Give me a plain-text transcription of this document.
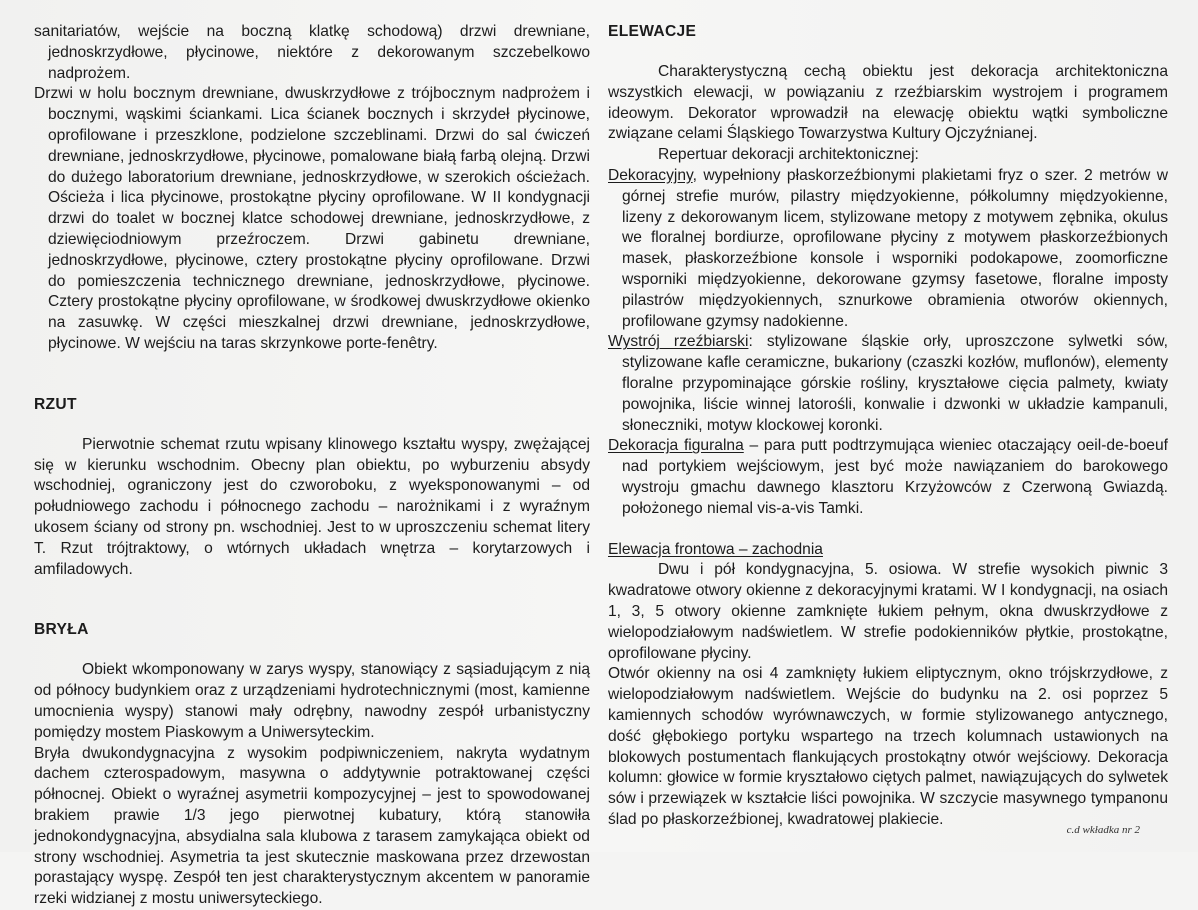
sanitariatów, wejście na boczną klatkę schodową) drzwi drewniane, jednoskrzydłowe, płycinowe, niektóre z dekorowanym szczebelkowo nadprożem.

Drzwi w holu bocznym drewniane, dwuskrzydłowe z trójbocznym nadprożem i bocznymi, wąskimi ściankami. Lica ścianek bocznych i skrzydeł płycinowe, oprofilowane i przeszklone, podzielone szczeblinami. Drzwi do sal ćwiczeń drewniane, jednoskrzydłowe, płycinowe, pomalowane białą farbą olejną. Drzwi do dużego laboratorium drewniane, jednoskrzydłowe, w szerokich ościeżach. Ościeża i lica płycinowe, prostokątne płyciny oprofilowane. W II kondygnacji drzwi do toalet w bocznej klatce schodowej drewniane, jednoskrzydłowe, z dziewięciodniowym przeźroczem. Drzwi gabinetu drewniane, jednoskrzydłowe, płycinowe, cztery prostokątne płyciny oprofilowane. Drzwi do pomieszczenia technicznego drewniane, jednoskrzydłowe, płycinowe. Cztery prostokątne płyciny oprofilowane, w środkowej dwuskrzydłowe okienko na zasuwkę. W części mieszkalnej drzwi drewniane, jednoskrzydłowe, płycinowe. W wejściu na taras skrzynkowe porte-fenêtry.

RZUT

Pierwotnie schemat rzutu wpisany klinowego kształtu wyspy, zwężającej się w kierunku wschodnim. Obecny plan obiektu, po wyburzeniu absydy wschodniej, ograniczony jest do czworoboku, z wyeksponowanymi – od południowego zachodu i północnego zachodu – narożnikami i z wyraźnym ukosem ściany od strony pn. wschodniej. Jest to w uproszczeniu schemat litery T. Rzut trójtraktowy, o wtórnych układach wnętrza – korytarzowych i amfiladowych.

BRYŁA

Obiekt wkomponowany w zarys wyspy, stanowiący z sąsiadującym z nią od północy budynkiem oraz z urządzeniami hydrotechnicznymi (most, kamienne umocnienia wyspy) stanowi mały odrębny, nawodny zespół urbanistyczny pomiędzy mostem Piaskowym a Uniwersyteckim.

Bryła dwukondygnacyjna z wysokim podpiwniczeniem, nakryta wydatnym dachem czterospadowym, masywna o addytywnie potraktowanej części północnej. Obiekt o wyraźnej asymetrii kompozycyjnej – jest to spowodowanej brakiem prawie 1/3 jego pierwotnej kubatury, którą stanowiła jednokondygnacyjna, absydialna sala klubowa z tarasem zamykająca obiekt od strony wschodniej. Asymetria ta jest skutecznie maskowana przez drzewostan porastający wyspę. Zespół ten jest charakterystycznym akcentem w panoramie rzeki widzianej z mostu uniwersyteckiego.

ELEWACJE

Charakterystyczną cechą obiektu jest dekoracja architektoniczna wszystkich elewacji, w powiązaniu z rzeźbiarskim wystrojem i programem ideowym. Dekorator wprowadził na elewację obiektu wątki symboliczne związane celami Śląskiego Towarzystwa Kultury Ojczyźnianej.

Repertuar dekoracji architektonicznej:

Dekoracyjny, wypełniony płaskorzeźbionymi plakietami fryz o szer. 2 metrów w górnej strefie murów, pilastry międzyokienne, półkolumny międzyokienne, lizeny z dekorowanym licem, stylizowane metopy z motywem zębnika, okulus we floralnej bordiurze, oprofilowane płyciny z motywem płaskorzeźbionych masek, płaskorzeźbione konsole i wsporniki podokapowe, zoomorficzne wsporniki międzyokienne, dekorowane gzymsy fasetowe, floralne imposty pilastrów międzyokiennych, sznurkowe obramienia otworów okiennych, profilowane gzymsy nadokienne.

Wystrój rzeźbiarski: stylizowane śląskie orły, uproszczone sylwetki sów, stylizowane kafle ceramiczne, bukariony (czaszki kozłów, muflonów), elementy floralne przypominające górskie rośliny, kryształowe cięcia palmety, kwiaty powojnika, liście winnej latorośli, konwalie i dzwonki w układzie kampanuli, słoneczniki, motyw klockowej koronki.

Dekoracja figuralna – para putt podtrzymująca wieniec otaczający oeil-de-boeuf nad portykiem wejściowym, jest być może nawiązaniem do barokowego wystroju gmachu dawnego klasztoru Krzyżowców z Czerwoną Gwiazdą. położonego niemal vis-a-vis Tamki.

Elewacja frontowa – zachodnia

Dwu i pół kondygnacyjna, 5. osiowa. W strefie wysokich piwnic 3 kwadratowe otwory okienne z dekoracyjnymi kratami. W I kondygnacji, na osiach 1, 3, 5 otwory okienne zamknięte łukiem pełnym, okna dwuskrzydłowe z wielopodziałowym nadświetlem. W strefie podokienników płytkie, prostokątne, oprofilowane płyciny.

Otwór okienny na osi 4 zamknięty łukiem eliptycznym, okno trójskrzydłowe, z wielopodziałowym nadświetlem. Wejście do budynku na 2. osi poprzez 5 kamiennych schodów wyrównawczych, w formie stylizowanego antycznego, dość głębokiego portyku wspartego na trzech kolumnach ustawionych na blokowych postumentach flankujących prostokątny otwór wejściowy. Dekoracja kolumn: głowice w formie kryształowo ciętych palmet, nawiązujących do sylwetek sów i przewiązek w kształcie liści powojnika. W szczycie masywnego tympanonu ślad po płaskorzeźbionej, kwadratowej plakiecie.

c.d wkładka nr 2
